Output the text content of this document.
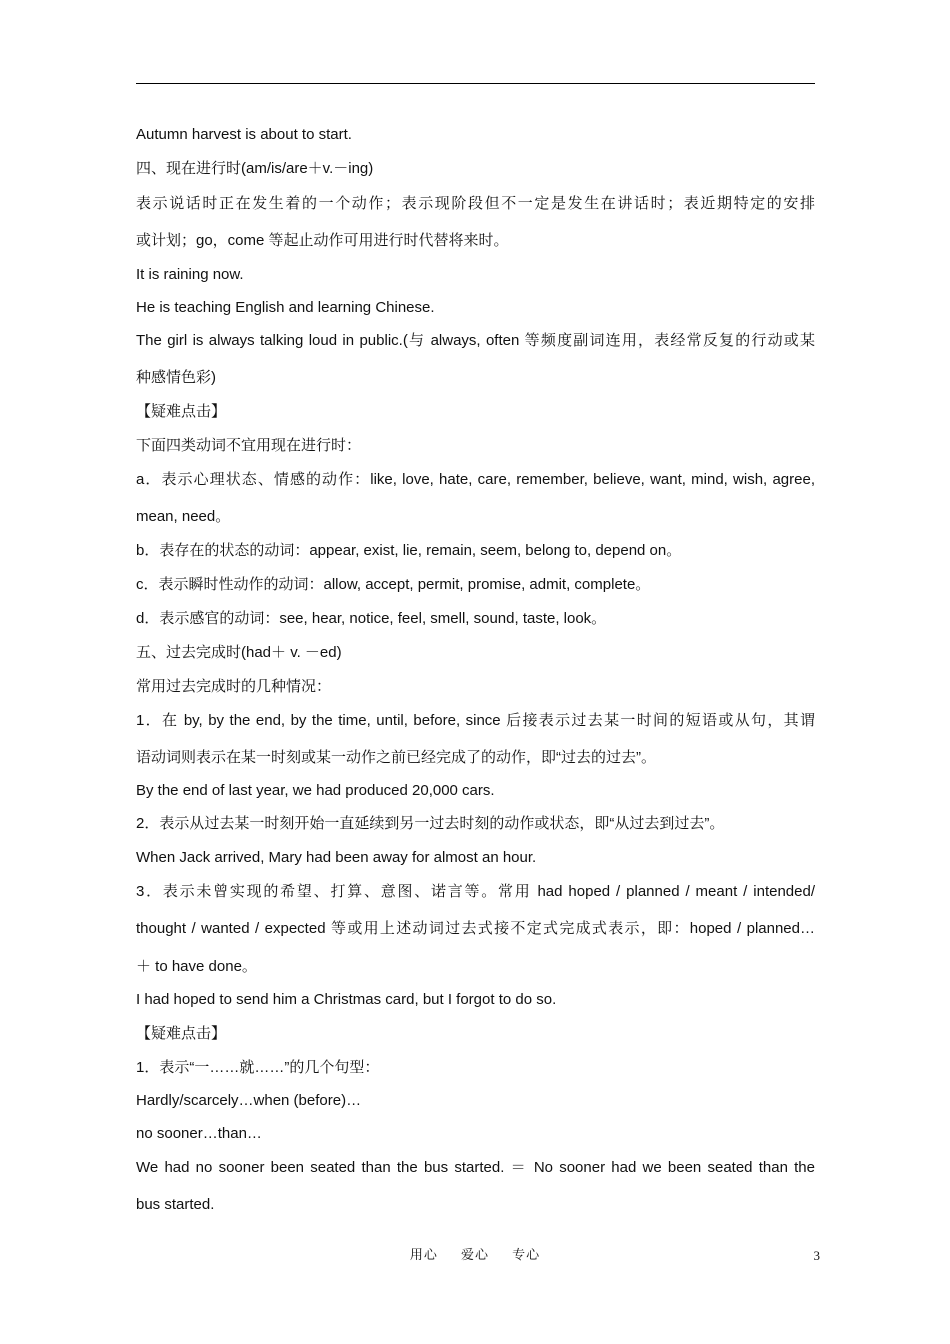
Autumn harvest is about to start.
四、现在进行时(am/is/are＋v.－ing)
表示说话时正在发生着的一个动作；表示现阶段但不一定是发生在讲话时；表近期特定的安排
或计划；go，come 等起止动作可用进行时代替将来时。
It is raining now.
He is teaching English and learning Chinese.
The girl is always talking loud in public.(与 always, often 等频度副词连用，表经常反复的行动或某
种感情色彩)
【疑难点击】
下面四类动词不宜用现在进行时：
a．表示心理状态、情感的动作：like, love, hate, care, remember, believe, want, mind, wish, agree,
mean, need。
b．表存在的状态的动词：appear, exist, lie, remain, seem, belong to, depend on。
c．表示瞬时性动作的动词：allow, accept, permit, promise, admit, complete。
d．表示感官的动词：see, hear, notice, feel, smell, sound, taste, look。
五、过去完成时(had＋ v. －ed)
常用过去完成时的几种情况：
1．在 by, by the end, by the time, until, before, since 后接表示过去某一时间的短语或从句，其谓
语动词则表示在某一时刻或某一动作之前已经完成了的动作，即“过去的过去”。
By the end of last year, we had produced 20,000 cars.
2．表示从过去某一时刻开始一直延续到另一过去时刻的动作或状态，即“从过去到过去”。
When Jack arrived, Mary had been away for almost an hour.
3．表示未曾实现的希望、打算、意图、诺言等。常用 had hoped / planned / meant / intended/
thought / wanted / expected 等或用上述动词过去式接不定式完成式表示，即：hoped / planned…
＋ to have done。
I had hoped to send him a Christmas card, but I forgot to do so.
【疑难点击】
1．表示“一……就……”的几个句型：
Hardly/scarcely…when (before)…
no sooner…than…
We had no sooner been seated than the bus started. ＝ No sooner had we been seated than the
bus started.
用心 爱心 专心	3
